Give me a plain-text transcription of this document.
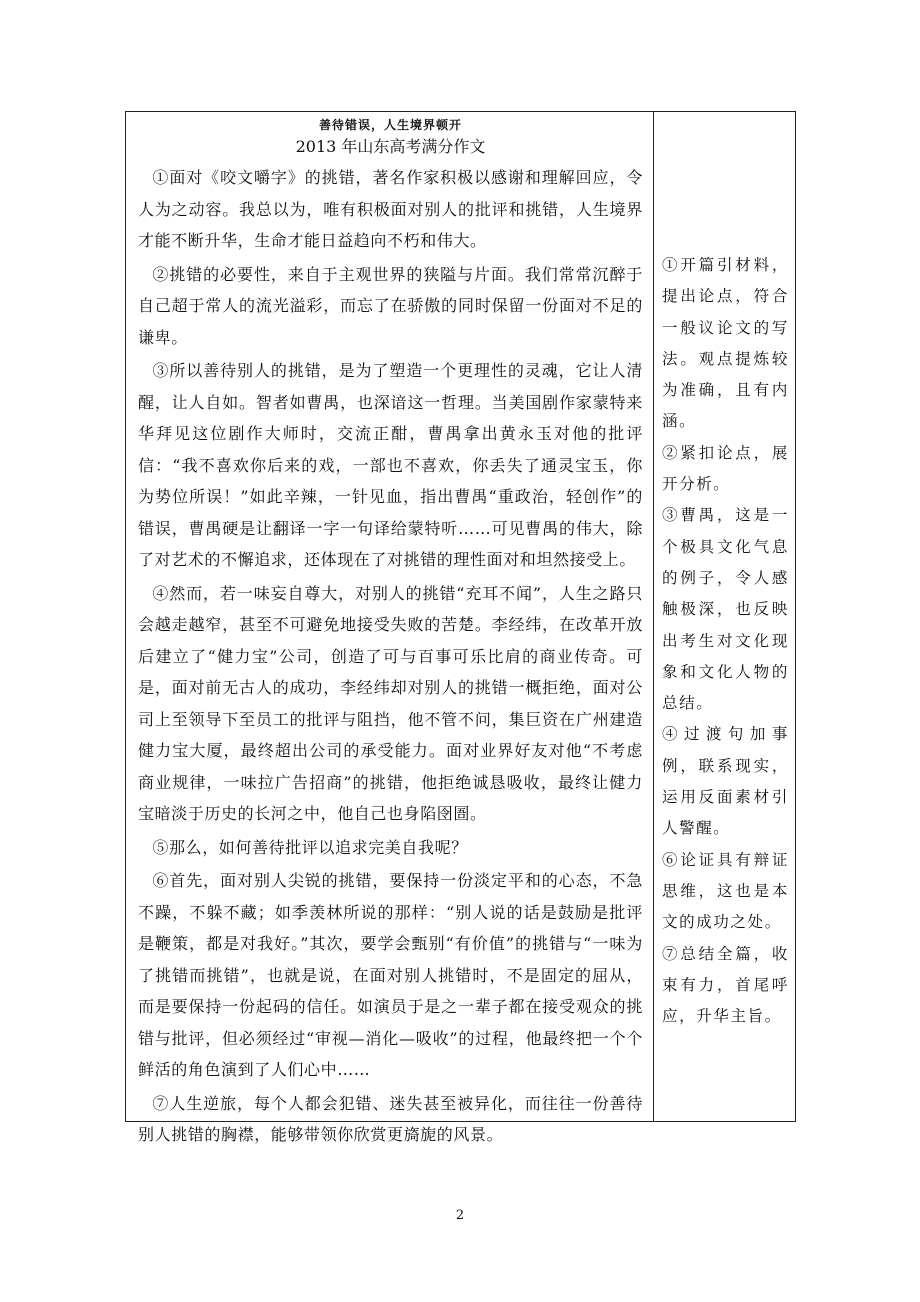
善待错误，人生境界顿开
2013 年山东高考满分作文

①面对《咬文嚼字》的挑错，著名作家积极以感谢和理解回应，令人为之动容。我总以为，唯有积极面对别人的批评和挑错，人生境界才能不断升华，生命才能日益趋向不朽和伟大。

②挑错的必要性，来自于主观世界的狭隘与片面。我们常常沉醉于自己超于常人的流光溢彩，而忘了在骄傲的同时保留一份面对不足的谦卑。

③所以善待别人的挑错，是为了塑造一个更理性的灵魂，它让人清醒，让人自如。智者如曹禺，也深谙这一哲理。当美国剧作家蒙特来华拜见这位剧作大师时，交流正酣，曹禺拿出黄永玉对他的批评信：“我不喜欢你后来的戏，一部也不喜欢，你丢失了通灵宝玉，你为势位所误！”如此辛辣，一针见血，指出曹禺“重政治，轻创作”的错误，曹禺硬是让翻译一字一句译给蒙特听……可见曹禺的伟大，除了对艺术的不懈追求，还体现在了对挑错的理性面对和坦然接受上。

④然而，若一味妄自尊大，对别人的挑错“充耳不闻”，人生之路只会越走越窄，甚至不可避免地接受失败的苦楚。李经纬，在改革开放后建立了“健力宝”公司，创造了可与百事可乐比肩的商业传奇。可是，面对前无古人的成功，李经纬却对别人的挑错一概拒绝，面对公司上至领导下至员工的批评与阻挡，他不管不问，集巨资在广州建造健力宝大厦，最终超出公司的承受能力。面对业界好友对他“不考虑商业规律，一味拉广告招商”的挑错，他拒绝诚恳吸收，最终让健力宝暗淡于历史的长河之中，他自己也身陷囹圄。

⑤那么，如何善待批评以追求完美自我呢？

⑥首先，面对别人尖锐的挑错，要保持一份淡定平和的心态，不急不躁，不躲不藏；如季羡林所说的那样：“别人说的话是鼓励是批评是鞭策，都是对我好。”其次，要学会甄别“有价值”的挑错与“一味为了挑错而挑错”，也就是说，在面对别人挑错时，不是固定的屈从，而是要保持一份起码的信任。如演员于是之一辈子都在接受观众的挑错与批评，但必须经过“审视—消化—吸收”的过程，他最终把一个个鲜活的角色演到了人们心中……

⑦人生逆旅，每个人都会犯错、迷失甚至被异化，而往往一份善待别人挑错的胸襟，能够带领你欣赏更旖旎的风景。

①开篇引材料，提出论点，符合一般议论文的写法。观点提炼较为准确，且有内涵。

②紧扣论点，展开分析。

③曹禺，这是一个极具文化气息的例子，令人感触极深，也反映出考生对文化现象和文化人物的总结。

④过渡句加事例，联系现实，运用反面素材引人警醒。

⑥论证具有辩证思维，这也是本文的成功之处。

⑦总结全篇，收束有力，首尾呼应，升华主旨。

2
